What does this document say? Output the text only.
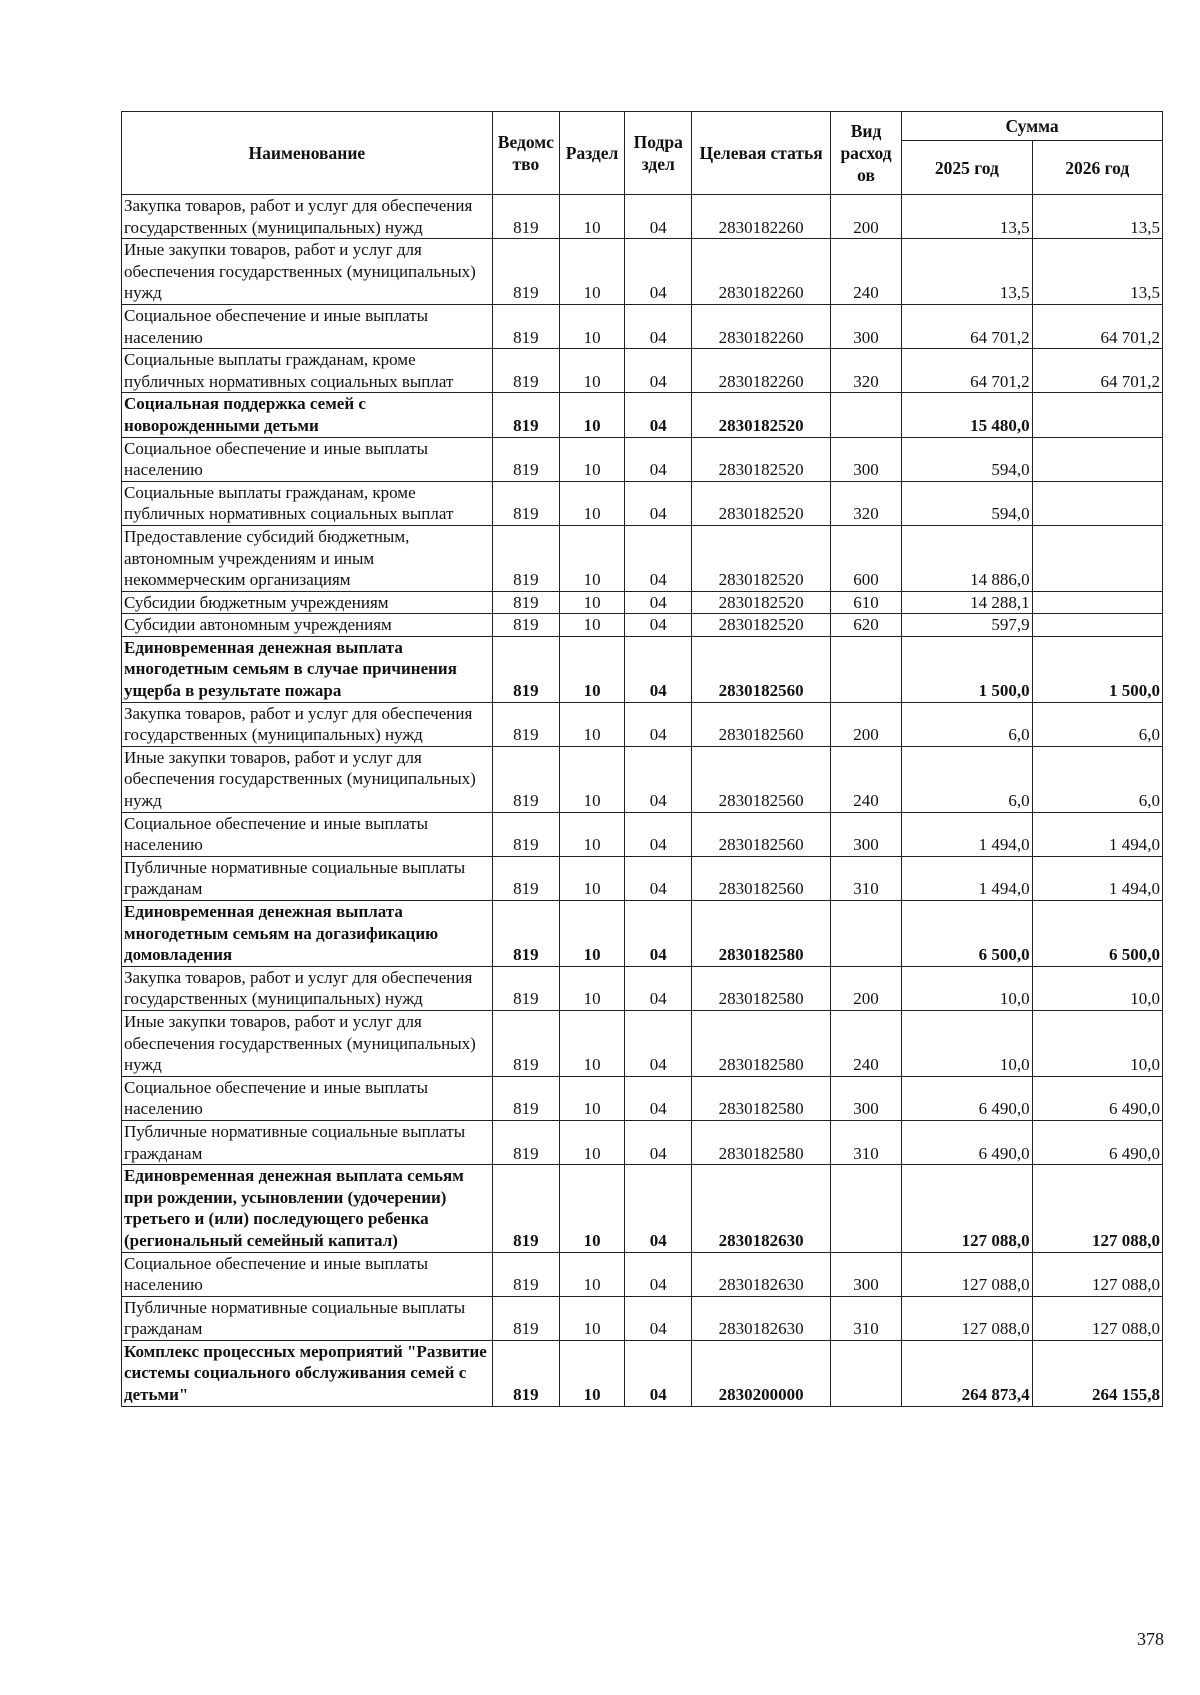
Наименование	Ведомс тво	Раздел	Подра здел	Целевая статья	Вид расход ов	Сумма	
						2025 год	2026 год
Закупка товаров, работ и услуг для обеспечения государственных (муниципальных) нужд	819	10	04	2830182260	200	13,5	13,5
Иные закупки товаров, работ и услуг для обеспечения государственных (муниципальных) нужд	819	10	04	2830182260	240	13,5	13,5
Социальное обеспечение и иные выплаты населению	819	10	04	2830182260	300	64 701,2	64 701,2
Социальные выплаты гражданам, кроме публичных нормативных социальных выплат	819	10	04	2830182260	320	64 701,2	64 701,2
Социальная поддержка семей с новорожденными детьми	819	10	04	2830182520		15 480,0	
Социальное обеспечение и иные выплаты населению	819	10	04	2830182520	300	594,0	
Социальные выплаты гражданам, кроме публичных нормативных социальных выплат	819	10	04	2830182520	320	594,0	
Предоставление субсидий бюджетным, автономным учреждениям и иным некоммерческим организациям	819	10	04	2830182520	600	14 886,0	
Субсидии бюджетным учреждениям	819	10	04	2830182520	610	14 288,1	
Субсидии автономным учреждениям	819	10	04	2830182520	620	597,9	
Единовременная денежная выплата многодетным семьям в случае причинения ущерба в результате пожара	819	10	04	2830182560		1 500,0	1 500,0
Закупка товаров, работ и услуг для обеспечения государственных (муниципальных) нужд	819	10	04	2830182560	200	6,0	6,0
Иные закупки товаров, работ и услуг для обеспечения государственных (муниципальных) нужд	819	10	04	2830182560	240	6,0	6,0
Социальное обеспечение и иные выплаты населению	819	10	04	2830182560	300	1 494,0	1 494,0
Публичные нормативные социальные выплаты гражданам	819	10	04	2830182560	310	1 494,0	1 494,0
Единовременная денежная выплата многодетным семьям на догазификацию домовладения	819	10	04	2830182580		6 500,0	6 500,0
Закупка товаров, работ и услуг для обеспечения государственных (муниципальных) нужд	819	10	04	2830182580	200	10,0	10,0
Иные закупки товаров, работ и услуг для обеспечения государственных (муниципальных) нужд	819	10	04	2830182580	240	10,0	10,0
Социальное обеспечение и иные выплаты населению	819	10	04	2830182580	300	6 490,0	6 490,0
Публичные нормативные социальные выплаты гражданам	819	10	04	2830182580	310	6 490,0	6 490,0
Единовременная денежная выплата семьям при рождении, усыновлении (удочерении) третьего и (или) последующего ребенка (региональный семейный капитал)	819	10	04	2830182630		127 088,0	127 088,0
Социальное обеспечение и иные выплаты населению	819	10	04	2830182630	300	127 088,0	127 088,0
Публичные нормативные социальные выплаты гражданам	819	10	04	2830182630	310	127 088,0	127 088,0
Комплекс процессных мероприятий "Развитие системы социального обслуживания семей с детьми"	819	10	04	2830200000		264 873,4	264 155,8
378
